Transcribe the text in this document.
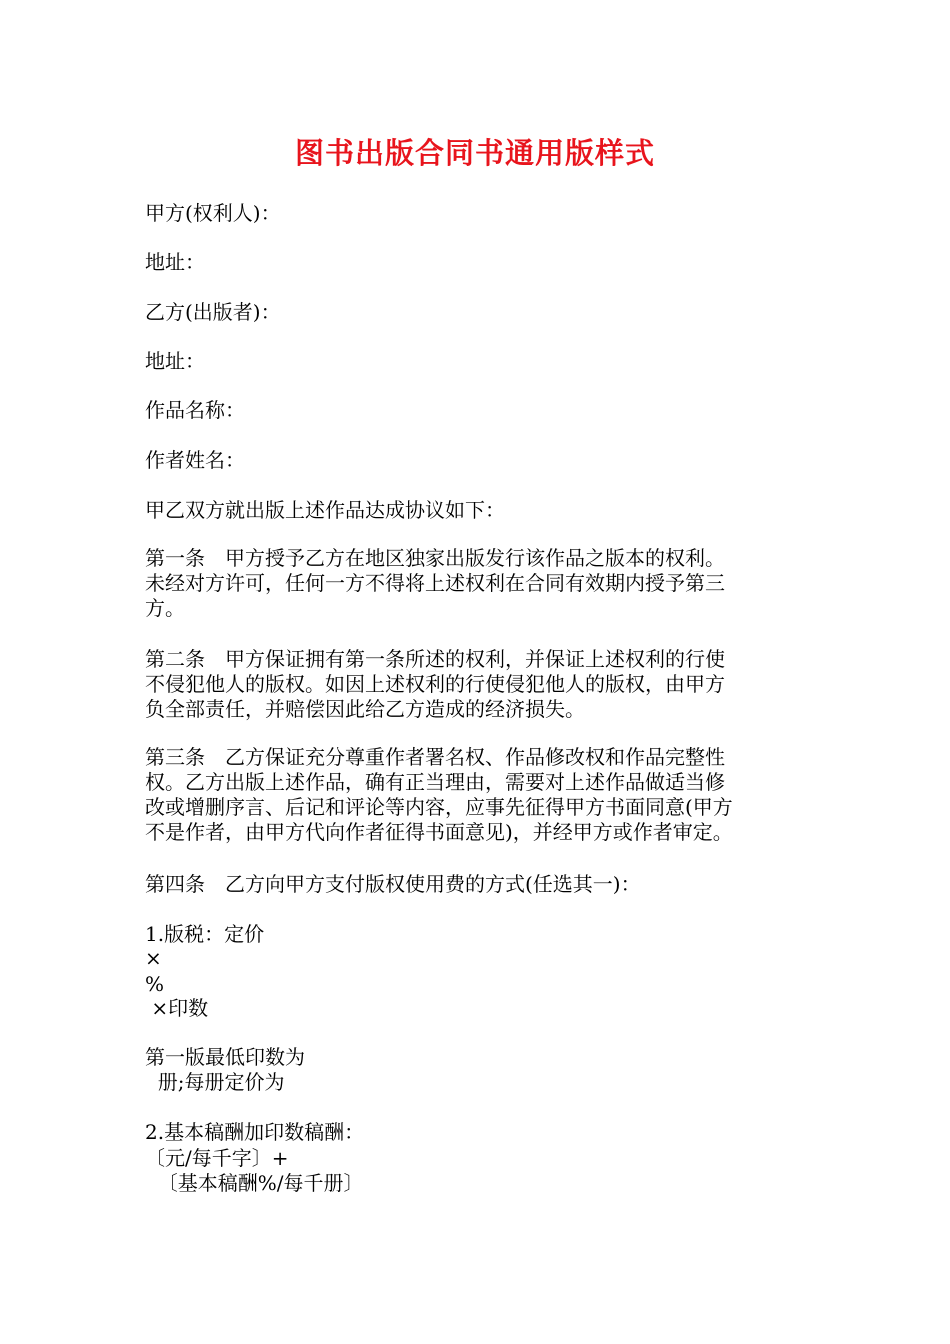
图书出版合同书通用版样式
甲方(权利人)：
地址：
乙方(出版者)：
地址：
作品名称：
作者姓名：
甲乙双方就出版上述作品达成协议如下：
第一条　甲方授予乙方在地区独家出版发行该作品之版本的权利。
未经对方许可，任何一方不得将上述权利在合同有效期内授予第三
方。
第二条　甲方保证拥有第一条所述的权利，并保证上述权利的行使
不侵犯他人的版权。如因上述权利的行使侵犯他人的版权，由甲方
负全部责任，并赔偿因此给乙方造成的经济损失。
第三条　乙方保证充分尊重作者署名权、作品修改权和作品完整性
权。乙方出版上述作品，确有正当理由，需要对上述作品做适当修
改或增删序言、后记和评论等内容，应事先征得甲方书面同意(甲方
不是作者，由甲方代向作者征得书面意见)，并经甲方或作者审定。
第四条　乙方向甲方支付版权使用费的方式(任选其一)：
1.版税：定价
×
%
×印数
第一版最低印数为
册;每册定价为
2.基本稿酬加印数稿酬：
〔元/每千字〕+
〔基本稿酬%/每千册〕
